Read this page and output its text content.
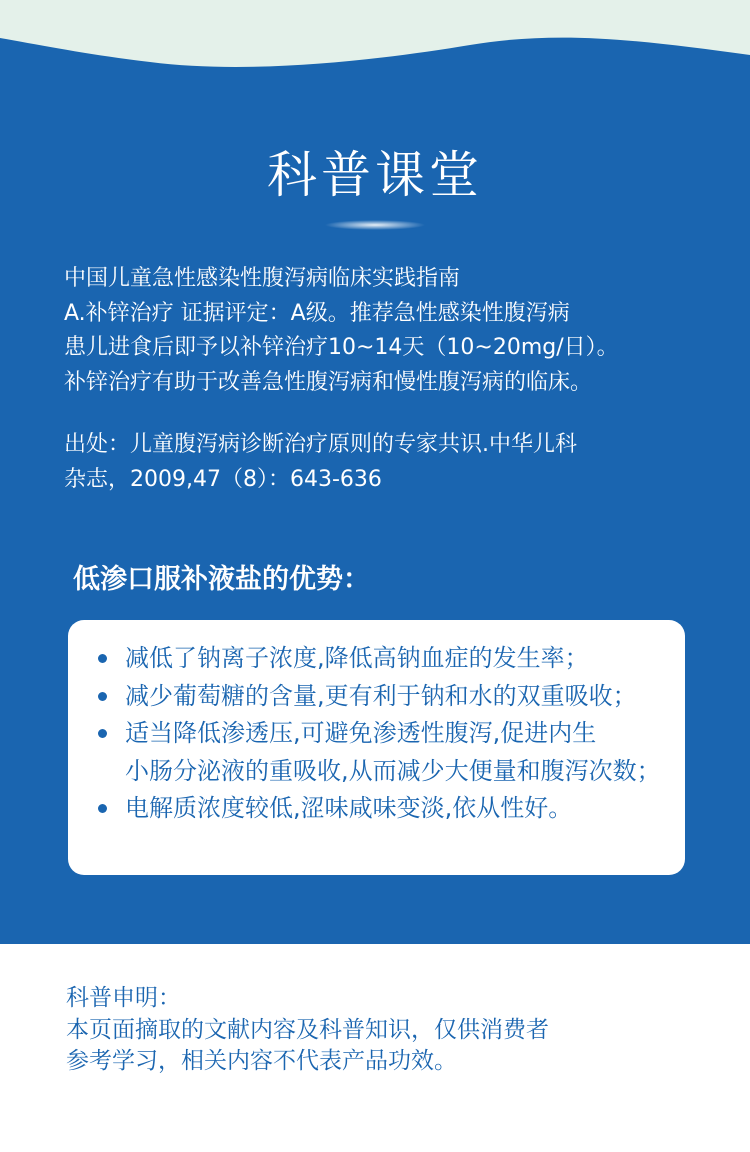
科普课堂
中国儿童急性感染性腹泻病临床实践指南
A.补锌治疗 证据评定：A级。推荐急性感染性腹泻病
患儿进食后即予以补锌治疗10~14天（10~20mg/日）。
补锌治疗有助于改善急性腹泻病和慢性腹泻病的临床。
出处：儿童腹泻病诊断治疗原则的专家共识.中华儿科
杂志，2009,47（8）：643-636
低渗口服补液盐的优势：
减低了钠离子浓度,降低高钠血症的发生率；
减少葡萄糖的含量,更有利于钠和水的双重吸收；
适当降低渗透压,可避免渗透性腹泻,促进内生
小肠分泌液的重吸收,从而减少大便量和腹泻次数；
电解质浓度较低,涩味咸味变淡,依从性好。
科普申明：
本页面摘取的文献内容及科普知识，仅供消费者
参考学习，相关内容不代表产品功效。
